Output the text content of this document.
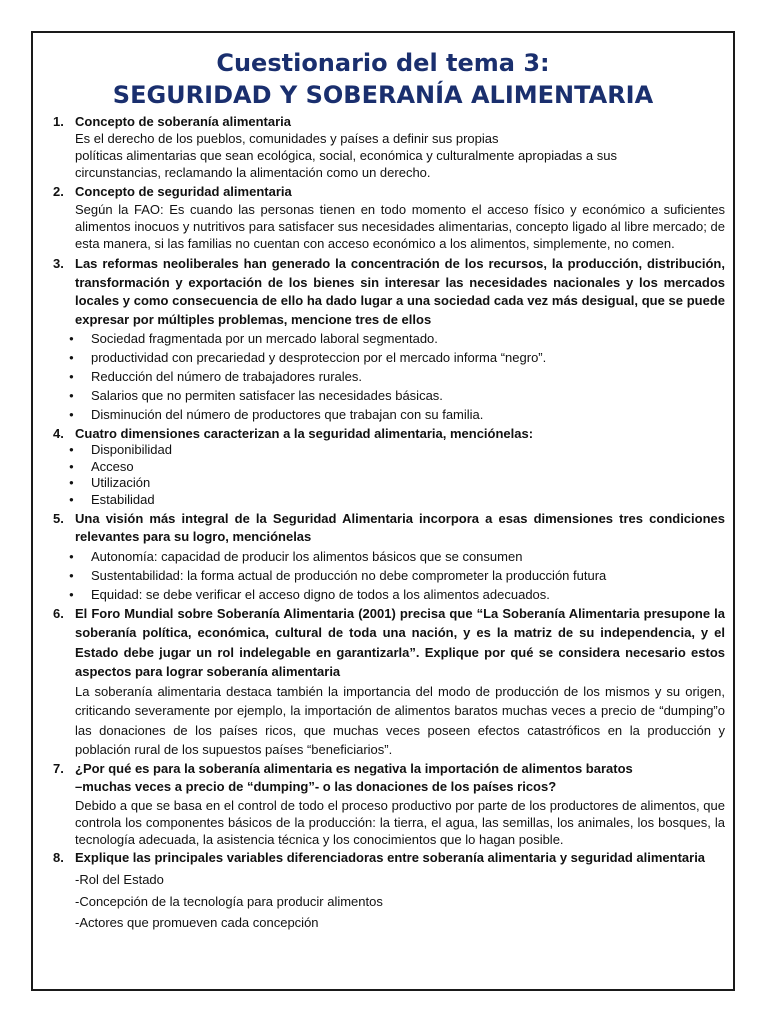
Cuestionario del tema 3:
SEGURIDAD Y SOBERANÍA ALIMENTARIA
1. Concepto de soberanía alimentaria
Es el derecho de los pueblos, comunidades y países a definir sus propias
políticas alimentarias que sean ecológica, social, económica y culturalmente apropiadas a sus
circunstancias, reclamando la alimentación como un derecho.
2. Concepto de seguridad alimentaria
Según la FAO: Es cuando las personas tienen en todo momento el acceso físico y económico a suficientes alimentos inocuos y nutritivos para satisfacer sus necesidades alimentarias, concepto ligado al libre mercado; de esta manera, si las familias no cuentan con acceso económico a los alimentos, simplemente, no comen.
3. Las reformas neoliberales han generado la concentración de los recursos, la producción, distribución, transformación y exportación de los bienes sin interesar las necesidades nacionales y los mercados locales y como consecuencia de ello ha dado lugar a una sociedad cada vez más desigual, que se puede expresar por múltiples problemas, mencione tres de ellos
● Sociedad fragmentada por un mercado laboral segmentado.
● productividad con precariedad y desproteccion por el mercado informa “negro”.
● Reducción del número de trabajadores rurales.
● Salarios que no permiten satisfacer las necesidades básicas.
● Disminución del número de productores que trabajan con su familia.
4. Cuatro dimensiones caracterizan a la seguridad alimentaria, menciónelas:
● Disponibilidad
● Acceso
● Utilización
● Estabilidad
5. Una visión más integral de la Seguridad Alimentaria incorpora a esas dimensiones tres condiciones relevantes para su logro, menciónelas
● Autonomía: capacidad de producir los alimentos básicos que se consumen
● Sustentabilidad: la forma actual de producción no debe comprometer la producción futura
● Equidad: se debe verificar el acceso digno de todos a los alimentos adecuados.
6. El Foro Mundial sobre Soberanía Alimentaria (2001) precisa que “La Soberanía Alimentaria presupone la soberanía política, económica, cultural de toda una nación, y es la matriz de su independencia, y el Estado debe jugar un rol indelegable en garantizarla”. Explique por qué se considera necesario estos aspectos para lograr soberanía alimentaria
La soberanía alimentaria destaca también la importancia del modo de producción de los mismos y su origen, criticando severamente por ejemplo, la importación de alimentos baratos muchas veces a precio de “dumping”o las donaciones de los países ricos, que muchas veces poseen efectos catastróficos en la producción y población rural de los supuestos países “beneficiarios”.
7. ¿Por qué es para la soberanía alimentaria es negativa la importación de alimentos baratos
–muchas veces a precio de “dumping”- o las donaciones de los países ricos?
Debido a que se basa en el control de todo el proceso productivo por parte de los productores de alimentos, que controla los componentes básicos de la producción: la tierra, el agua, las semillas, los animales, los bosques, la tecnología adecuada, la asistencia técnica y los conocimientos que lo hagan posible.
8. Explique las principales variables diferenciadoras entre soberanía alimentaria y seguridad alimentaria
-Rol del Estado
-Concepción de la tecnología para producir alimentos
-Actores que promueven cada concepción
